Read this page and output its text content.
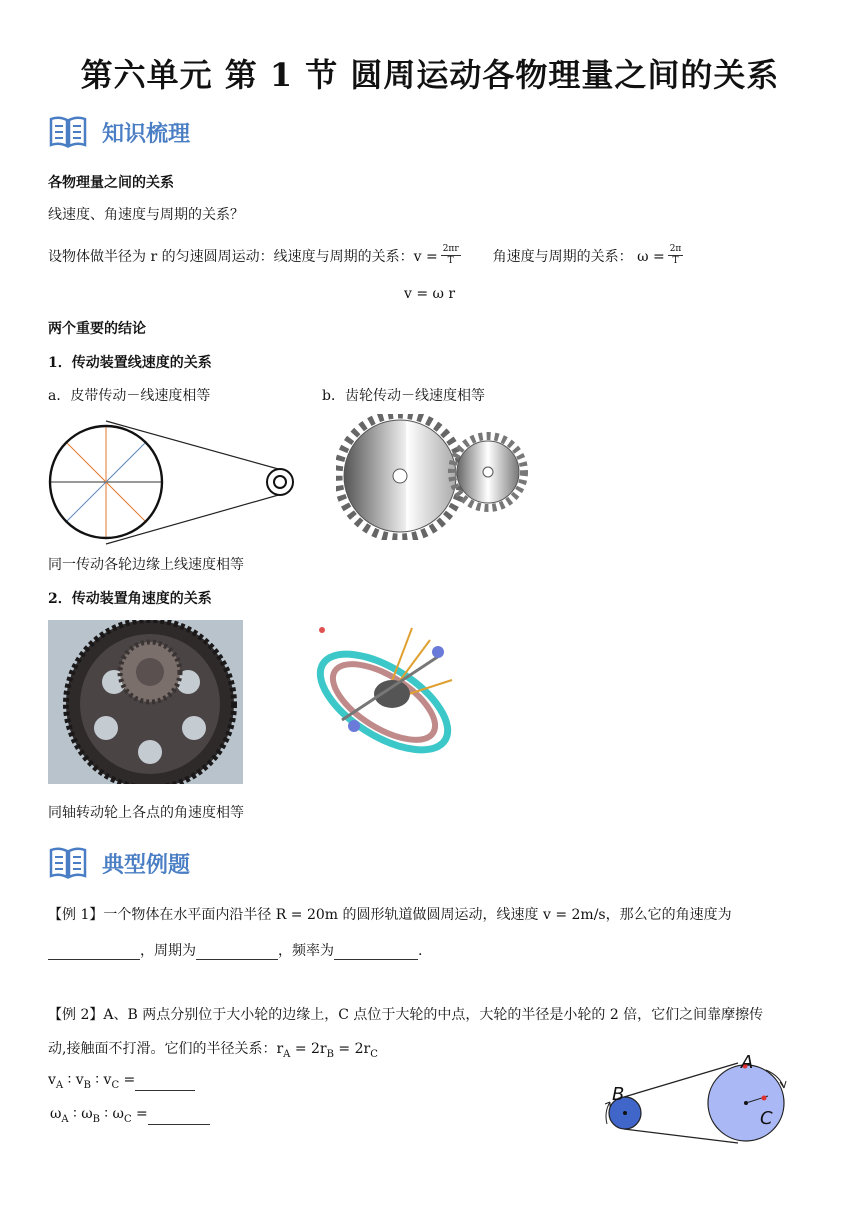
第六单元 第 1 节 圆周运动各物理量之间的关系
知识梳理
各物理量之间的关系
线速度、角速度与周期的关系？
设物体做半径为 r 的匀速圆周运动：线速度与周期的关系：$v = \frac{2\pi r}{T}$ 角速度与周期的关系： $\omega = \frac{2\pi}{T}$
v = ω r
两个重要的结论
1．传动装置线速度的关系
a．皮带传动－线速度相等	b．齿轮传动－线速度相等
同一传动各轮边缘上线速度相等
2．传动装置角速度的关系
同轴转动轮上各点的角速度相等
典型例题
【例 1】一个物体在水平面内沿半径 R = 20m 的圆形轨道做圆周运动，线速度 v = 2m/s，那么它的角速度为
，周期为	，频率为	.
【例 2】A、B 两点分别位于大小轮的边缘上，C 点位于大轮的中点，大轮的半径是小轮的 2 倍，它们之间靠摩擦传
动,接触面不打滑。它们的半径关系：$r_A = 2r_B = 2r_C$
$v_A$ ∶ $v_B$ ∶ $v_C$ =
$\omega_A$ ∶ $\omega_B$ ∶ $\omega_C$ =
A
B
C
